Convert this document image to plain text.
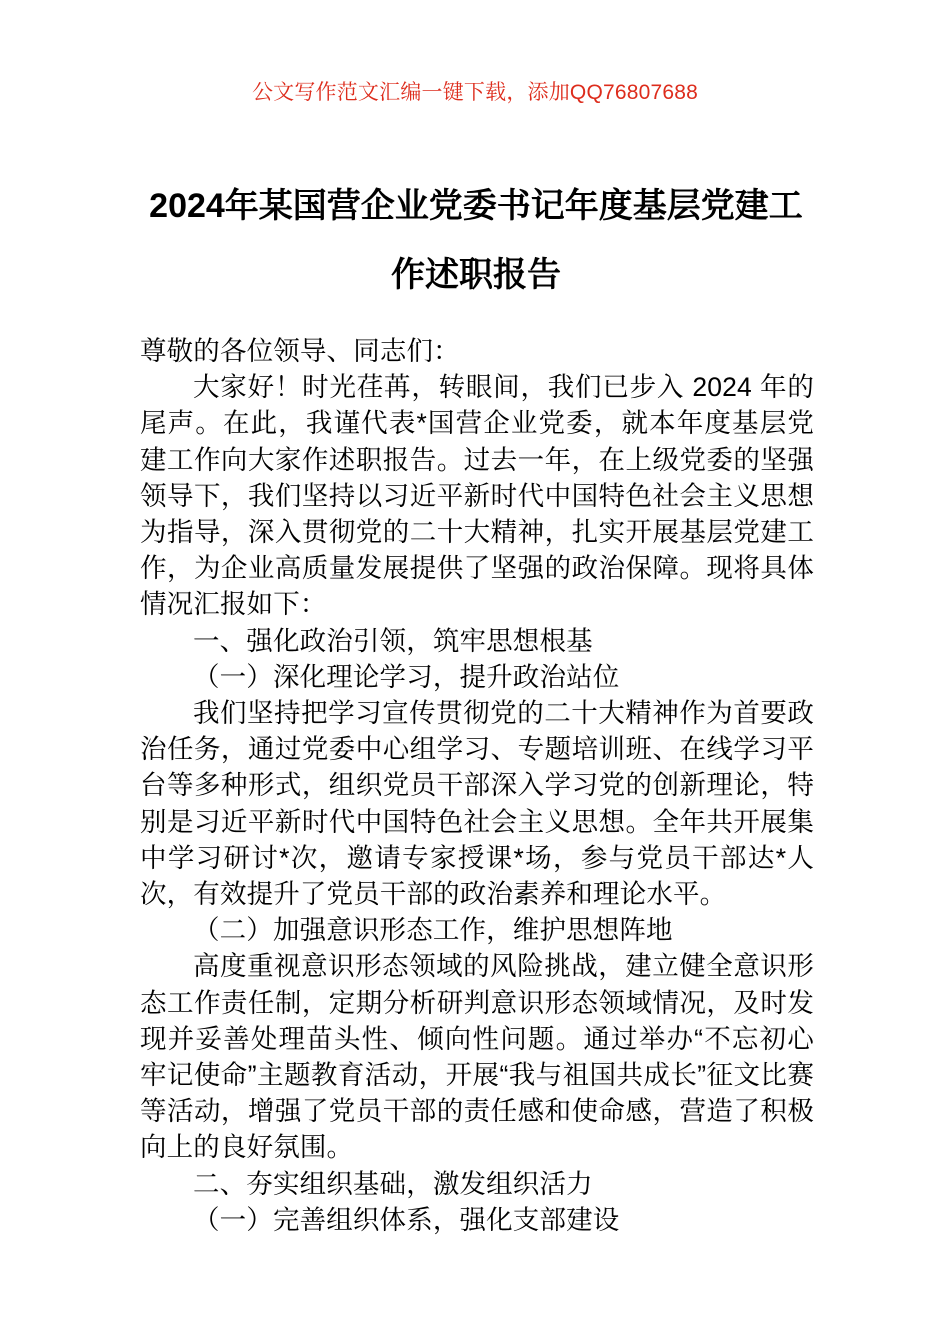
公文写作范文汇编一键下载，添加QQ76807688
2024年某国营企业党委书记年度基层党建工作述职报告

尊敬的各位领导、同志们：

大家好！时光荏苒，转眼间，我们已步入 2024 年的尾声。在此，我谨代表*国营企业党委，就本年度基层党建工作向大家作述职报告。过去一年，在上级党委的坚强领导下，我们坚持以习近平新时代中国特色社会主义思想为指导，深入贯彻党的二十大精神，扎实开展基层党建工作，为企业高质量发展提供了坚强的政治保障。现将具体情况汇报如下：

一、强化政治引领，筑牢思想根基

（一）深化理论学习，提升政治站位

我们坚持把学习宣传贯彻党的二十大精神作为首要政治任务，通过党委中心组学习、专题培训班、在线学习平台等多种形式，组织党员干部深入学习党的创新理论，特别是习近平新时代中国特色社会主义思想。全年共开展集中学习研讨*次，邀请专家授课*场，参与党员干部达*人次，有效提升了党员干部的政治素养和理论水平。

（二）加强意识形态工作，维护思想阵地

高度重视意识形态领域的风险挑战，建立健全意识形态工作责任制，定期分析研判意识形态领域情况，及时发现并妥善处理苗头性、倾向性问题。通过举办“不忘初心牢记使命”主题教育活动，开展“我与祖国共成长”征文比赛等活动，增强了党员干部的责任感和使命感，营造了积极向上的良好氛围。

二、夯实组织基础，激发组织活力

（一）完善组织体系，强化支部建设
